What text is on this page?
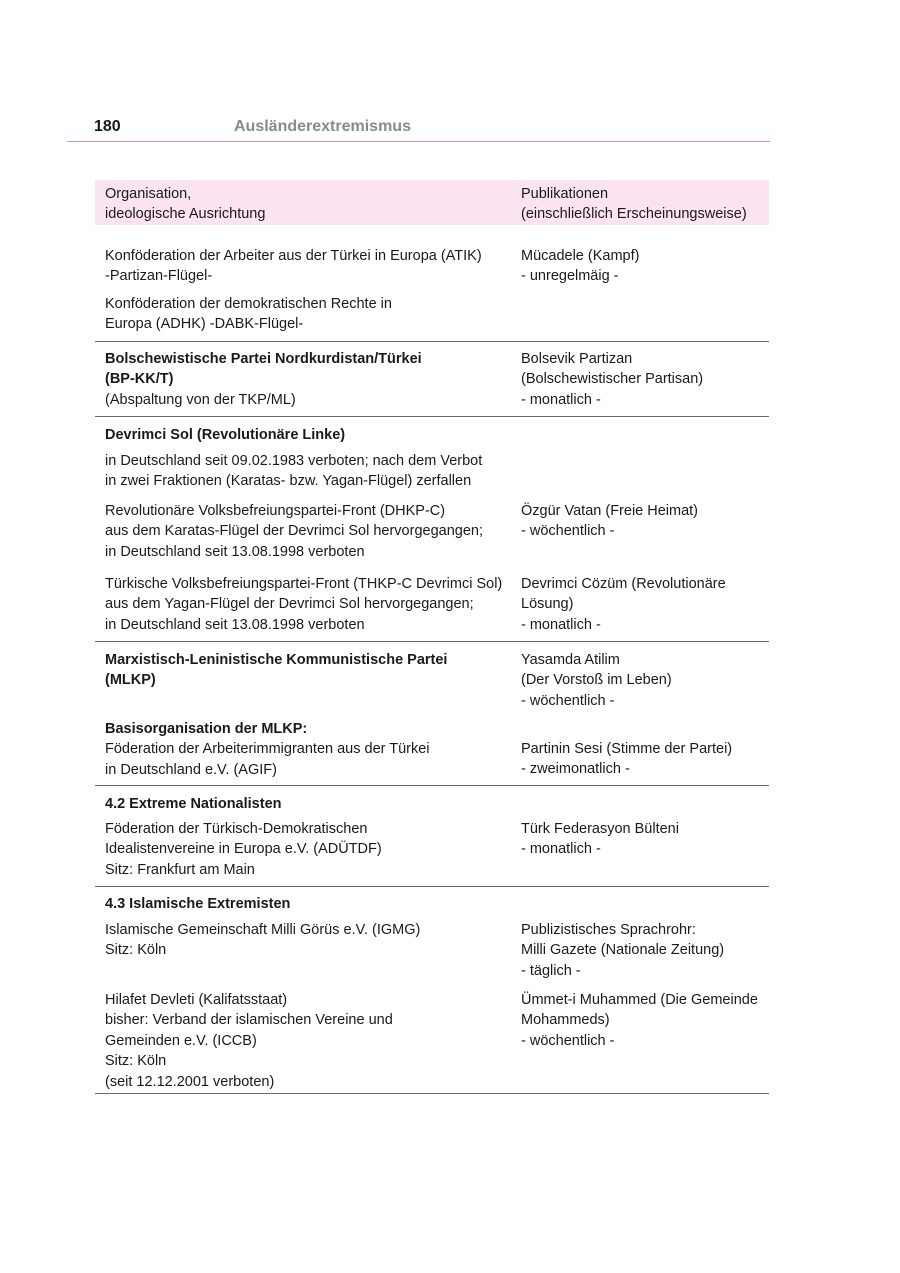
180	Ausländerextremismus
Organisation,
ideologische Ausrichtung
Publikationen
(einschließlich Erscheinungsweise)
Konföderation der Arbeiter aus der Türkei in Europa (ATIK)
-Partizan-Flügel-
Konföderation der demokratischen Rechte in
Europa (ADHK) -DABK-Flügel-
Mücadele (Kampf)
- unregelmäig -
Bolschewistische Partei Nordkurdistan/Türkei
(BP-KK/T)
(Abspaltung von der TKP/ML)
Bolsevik Partizan
(Bolschewistischer Partisan)
- monatlich -
Devrimci Sol (Revolutionäre Linke)
in Deutschland seit 09.02.1983 verboten; nach dem Verbot
in zwei Fraktionen (Karatas- bzw. Yagan-Flügel) zerfallen
Revolutionäre Volksbefreiungspartei-Front (DHKP-C)
aus dem Karatas-Flügel der Devrimci Sol hervorgegangen;
in Deutschland seit 13.08.1998 verboten
Özgür Vatan (Freie Heimat)
- wöchentlich -
Türkische Volksbefreiungspartei-Front (THKP-C Devrimci Sol)
aus dem Yagan-Flügel der Devrimci Sol hervorgegangen;
in Deutschland seit 13.08.1998 verboten
Devrimci Cözüm (Revolutionäre
Lösung)
- monatlich -
Marxistisch-Leninistische Kommunistische Partei
(MLKP)
Yasamda Atilim
(Der Vorstoß im Leben)
- wöchentlich -
Basisorganisation der MLKP:
Föderation der Arbeiterimmigranten aus der Türkei
in Deutschland e.V. (AGIF)
Partinin Sesi (Stimme der Partei)
- zweimonatlich -
4.2 Extreme Nationalisten
Föderation der Türkisch-Demokratischen
Idealistenvereine in Europa e.V. (ADÜTDF)
Sitz: Frankfurt am Main
Türk Federasyon Bülteni
- monatlich -
4.3 Islamische Extremisten
Islamische Gemeinschaft Milli Görüs e.V. (IGMG)
Sitz: Köln
Publizistisches Sprachrohr:
Milli Gazete (Nationale Zeitung)
- täglich -
Hilafet Devleti (Kalifatsstaat)
bisher: Verband der islamischen Vereine und
Gemeinden e.V. (ICCB)
Sitz: Köln
(seit 12.12.2001 verboten)
Ümmet-i Muhammed (Die Gemeinde
Mohammeds)
- wöchentlich -
